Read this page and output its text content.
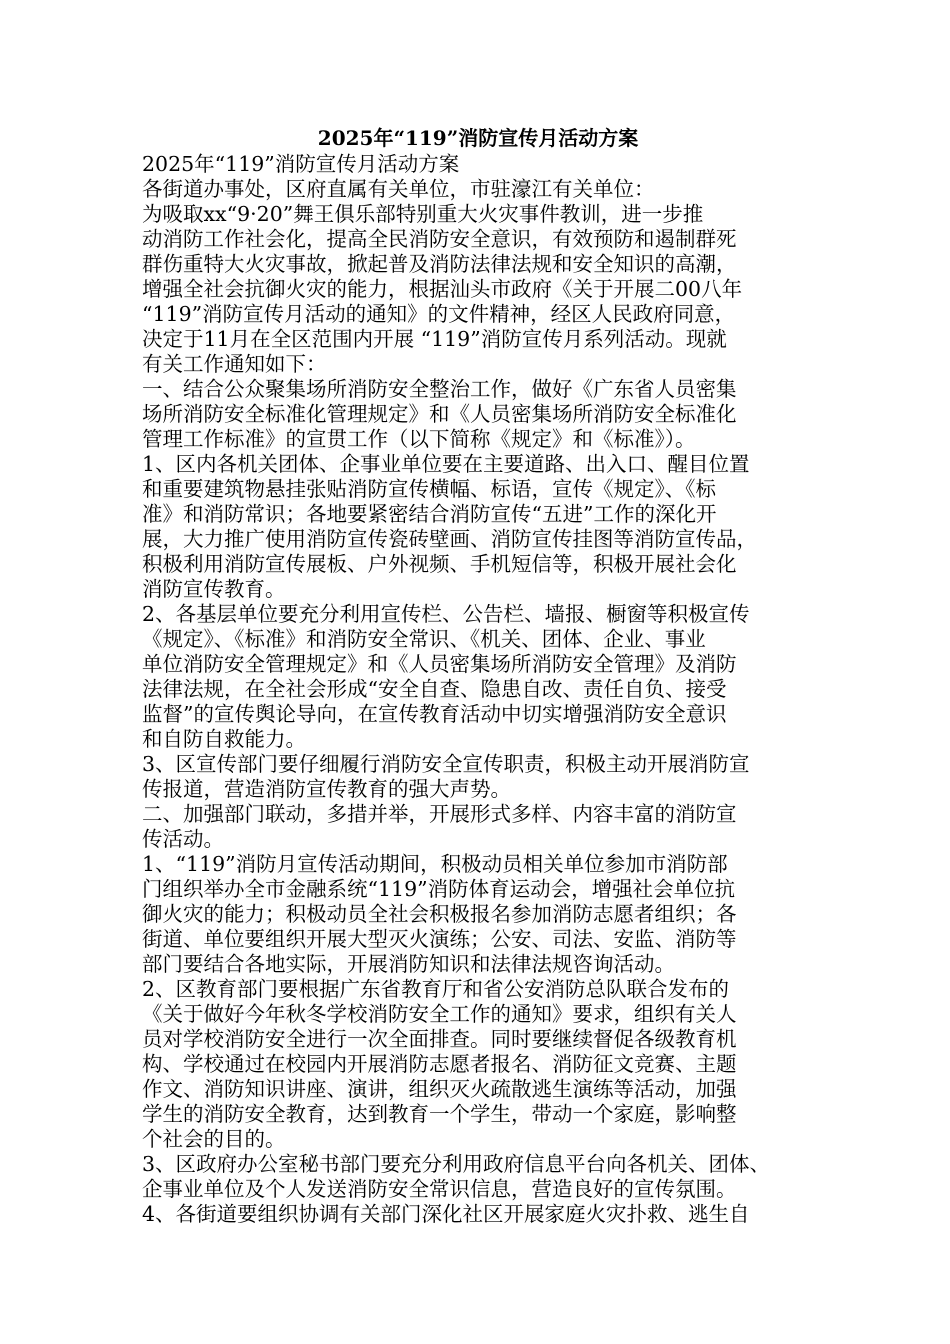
2025年“119”消防宣传月活动方案
2025年“119”消防宣传月活动方案
各街道办事处，区府直属有关单位，市驻濠江有关单位：
为吸取xx“9·20”舞王俱乐部特别重大火灾事件教训，进一步推
动消防工作社会化，提高全民消防安全意识，有效预防和遏制群死
群伤重特大火灾事故，掀起普及消防法律法规和安全知识的高潮，
增强全社会抗御火灾的能力，根据汕头市政府《关于开展二00八年
“119”消防宣传月活动的通知》的文件精神，经区人民政府同意，
决定于11月在全区范围内开展 “119”消防宣传月系列活动。现就
有关工作通知如下：
一、结合公众聚集场所消防安全整治工作，做好《广东省人员密集
场所消防安全标准化管理规定》和《人员密集场所消防安全标准化
管理工作标准》的宣贯工作（以下简称《规定》和《标准》）。
1、区内各机关团体、企事业单位要在主要道路、出入口、醒目位置
和重要建筑物悬挂张贴消防宣传横幅、标语，宣传《规定》、《标
准》和消防常识；各地要紧密结合消防宣传“五进”工作的深化开
展，大力推广使用消防宣传瓷砖壁画、消防宣传挂图等消防宣传品，
积极利用消防宣传展板、户外视频、手机短信等，积极开展社会化
消防宣传教育。
2、各基层单位要充分利用宣传栏、公告栏、墙报、橱窗等积极宣传
《规定》、《标准》和消防安全常识、《机关、团体、企业、事业
单位消防安全管理规定》和《人员密集场所消防安全管理》及消防
法律法规，在全社会形成“安全自查、隐患自改、责任自负、接受
监督”的宣传舆论导向，在宣传教育活动中切实增强消防安全意识
和自防自救能力。
3、区宣传部门要仔细履行消防安全宣传职责，积极主动开展消防宣
传报道，营造消防宣传教育的强大声势。
二、加强部门联动，多措并举，开展形式多样、内容丰富的消防宣
传活动。
1、“119”消防月宣传活动期间，积极动员相关单位参加市消防部
门组织举办全市金融系统“119”消防体育运动会，增强社会单位抗
御火灾的能力；积极动员全社会积极报名参加消防志愿者组织；各
街道、单位要组织开展大型灭火演练；公安、司法、安监、消防等
部门要结合各地实际，开展消防知识和法律法规咨询活动。
2、区教育部门要根据广东省教育厅和省公安消防总队联合发布的
《关于做好今年秋冬学校消防安全工作的通知》要求，组织有关人
员对学校消防安全进行一次全面排查。同时要继续督促各级教育机
构、学校通过在校园内开展消防志愿者报名、消防征文竞赛、主题
作文、消防知识讲座、演讲，组织灭火疏散逃生演练等活动，加强
学生的消防安全教育，达到教育一个学生，带动一个家庭，影响整
个社会的目的。
3、区政府办公室秘书部门要充分利用政府信息平台向各机关、团体、
企事业单位及个人发送消防安全常识信息，营造良好的宣传氛围。
4、各街道要组织协调有关部门深化社区开展家庭火灾扑救、逃生自
